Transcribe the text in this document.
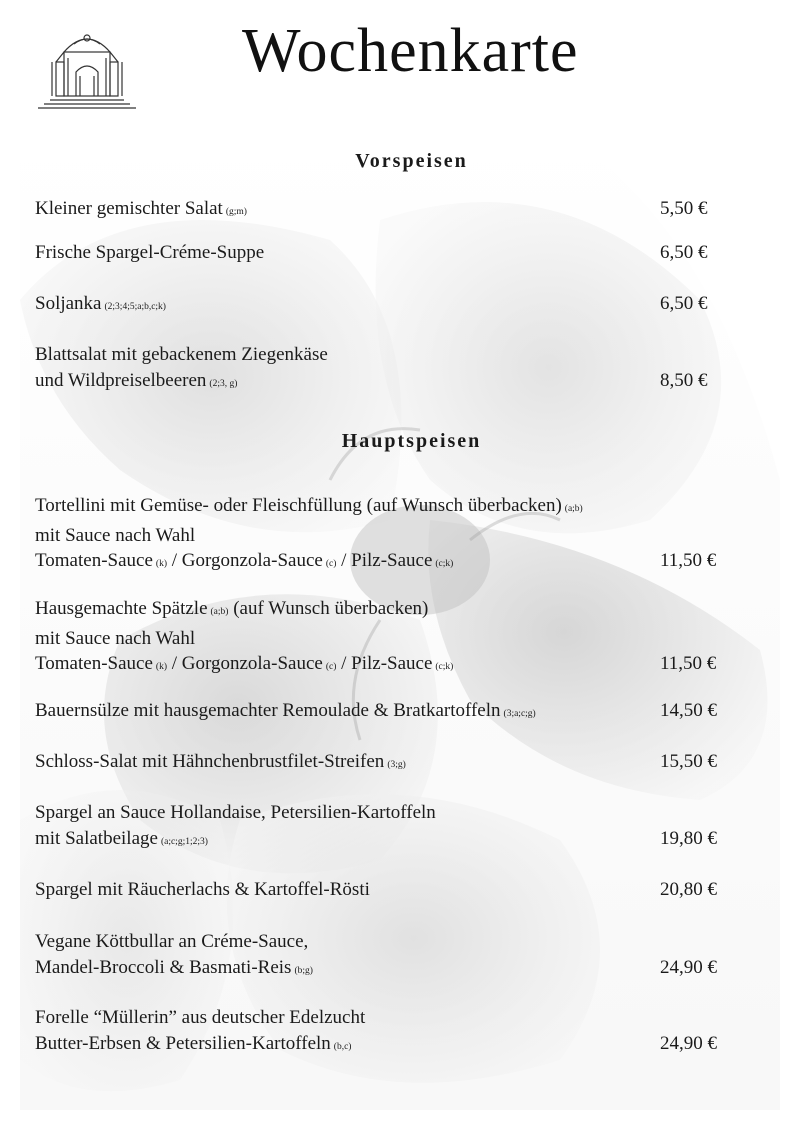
Wochenkarte
Vorspeisen
Hauptspeisen
Kleiner gemischter Salat (g;m)	5,50 €
Frische Spargel-Créme-Suppe	6,50 €
Soljanka (2;3;4;5;a;b,c;k)	6,50 €
Blattsalat mit gebackenem Ziegenkäse
und Wildpreiselbeeren (2;3, g)	8,50 €
Tortellini mit Gemüse- oder Fleischfüllung (auf Wunsch überbacken) (a;b)
mit Sauce nach Wahl
Tomaten-Sauce (k) / Gorgonzola-Sauce (c) / Pilz-Sauce (c;k)	11,50 €
Hausgemachte Spätzle (a;b) (auf Wunsch überbacken)
mit Sauce nach Wahl
Tomaten-Sauce (k) / Gorgonzola-Sauce (c) / Pilz-Sauce (c;k)	11,50 €
Bauernsülze mit hausgemachter Remoulade & Bratkartoffeln (3;a;c;g)	14,50 €
Schloss-Salat mit Hähnchenbrustfilet-Streifen (3;g)	15,50 €
Spargel an Sauce Hollandaise, Petersilien-Kartoffeln
mit Salatbeilage (a;c;g;1;2;3)	19,80 €
Spargel mit Räucherlachs & Kartoffel-Rösti	20,80 €
Vegane Köttbullar an Créme-Sauce,
Mandel-Broccoli & Basmati-Reis (b;g)	24,90 €
Forelle “Müllerin” aus deutscher Edelzucht
Butter-Erbsen & Petersilien-Kartoffeln (b,c)	24,90 €
